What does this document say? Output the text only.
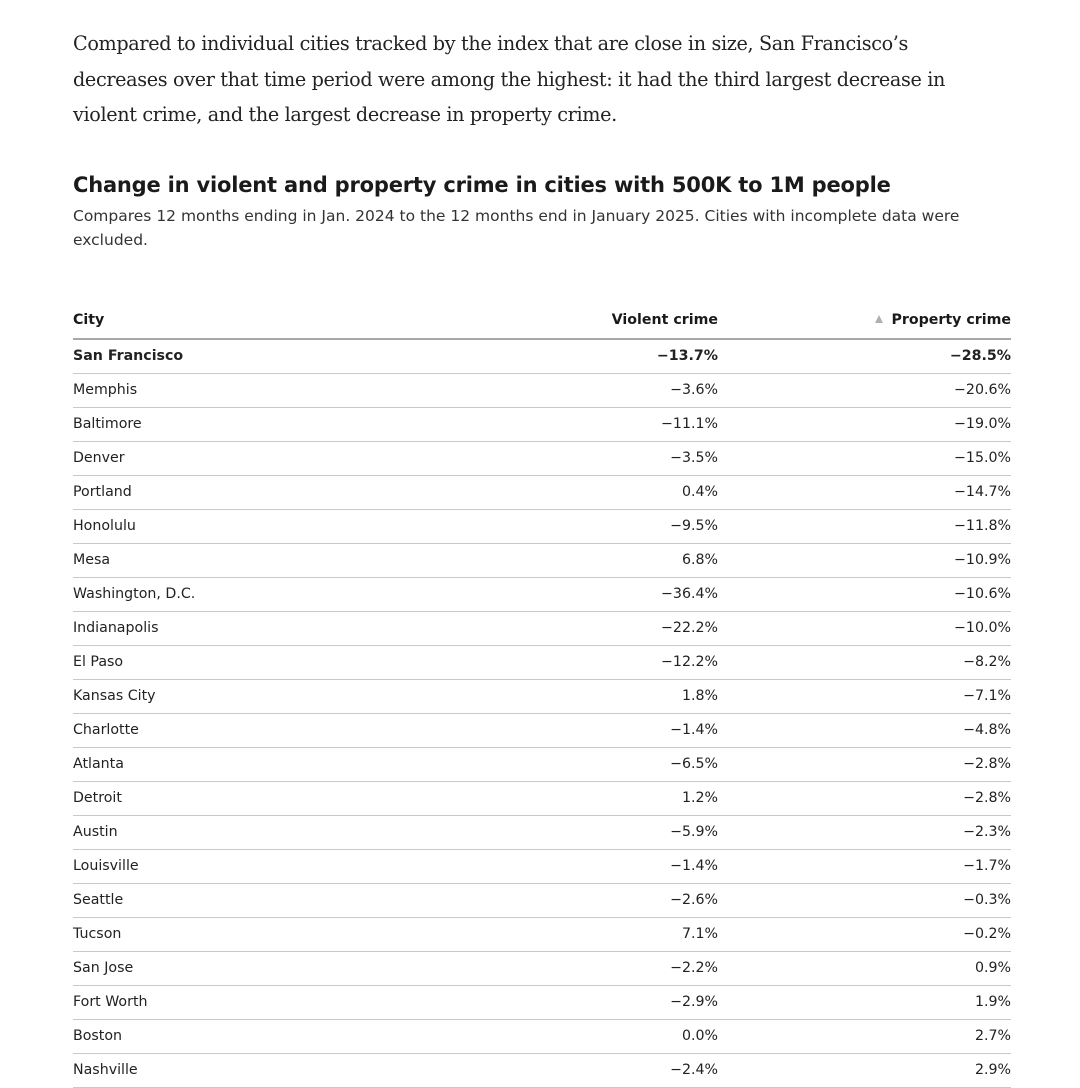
Compared to individual cities tracked by the index that are close in size, San Francisco’s decreases over that time period were among the highest: it had the third largest decrease in violent crime, and the largest decrease in property crime.

Change in violent and property crime in cities with 500K to 1M people

Compares 12 months ending in Jan. 2024 to the 12 months end in January 2025. Cities with incomplete data were excluded.

City	Violent crime	Property crime
San Francisco	−13.7%	−28.5%
Memphis	−3.6%	−20.6%
Baltimore	−11.1%	−19.0%
Denver	−3.5%	−15.0%
Portland	0.4%	−14.7%
Honolulu	−9.5%	−11.8%
Mesa	6.8%	−10.9%
Washington, D.C.	−36.4%	−10.6%
Indianapolis	−22.2%	−10.0%
El Paso	−12.2%	−8.2%
Kansas City	1.8%	−7.1%
Charlotte	−1.4%	−4.8%
Atlanta	−6.5%	−2.8%
Detroit	1.2%	−2.8%
Austin	−5.9%	−2.3%
Louisville	−1.4%	−1.7%
Seattle	−2.6%	−0.3%
Tucson	7.1%	−0.2%
San Jose	−2.2%	0.9%
Fort Worth	−2.9%	1.9%
Boston	0.0%	2.7%
Nashville	−2.4%	2.9%
